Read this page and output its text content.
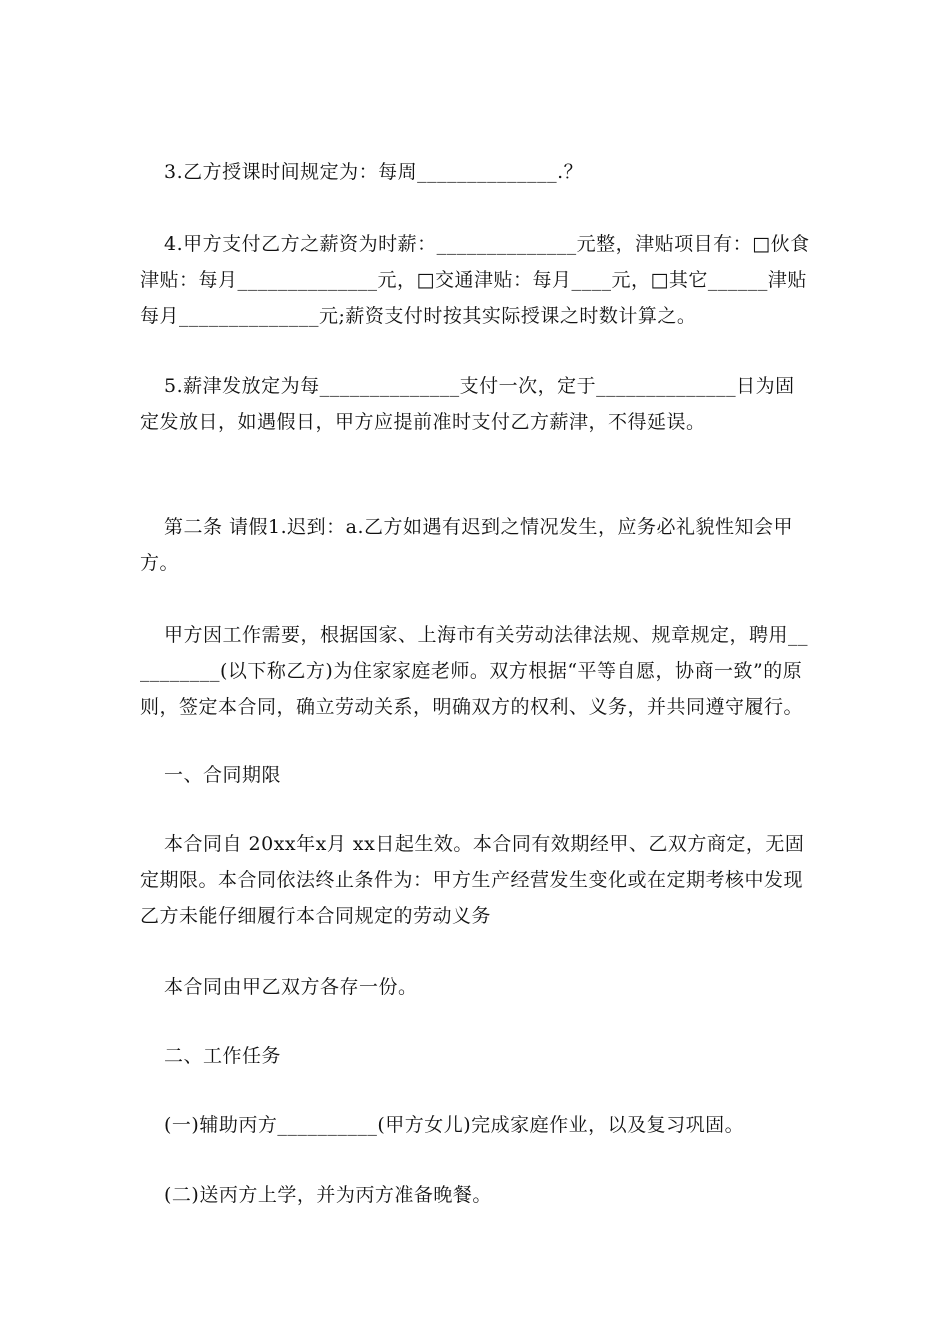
3.乙方授课时间规定为：每周______________.？

4.甲方支付乙方之薪资为时薪：______________元整，津贴项目有：□伙食津贴：每月______________元，□交通津贴：每月____元，□其它______津贴每月______________元;薪资支付时按其实际授课之时数计算之。

5.薪津发放定为每______________支付一次，定于______________日为固定发放日，如遇假日，甲方应提前准时支付乙方薪津，不得延误。

第二条 请假1.迟到：a.乙方如遇有迟到之情况发生，应务必礼貌性知会甲方。

甲方因工作需要，根据国家、上海市有关劳动法律法规、规章规定，聘用__________(以下称乙方)为住家家庭老师。双方根据“平等自愿，协商一致”的原则，签定本合同，确立劳动关系，明确双方的权利、义务，并共同遵守履行。

一、合同期限

本合同自 20xx年x月 xx日起生效。本合同有效期经甲、乙双方商定，无固定期限。本合同依法终止条件为：甲方生产经营发生变化或在定期考核中发现乙方未能仔细履行本合同规定的劳动义务

本合同由甲乙双方各存一份。

二、工作任务

(一)辅助丙方__________(甲方女儿)完成家庭作业，以及复习巩固。

(二)送丙方上学，并为丙方准备晚餐。
